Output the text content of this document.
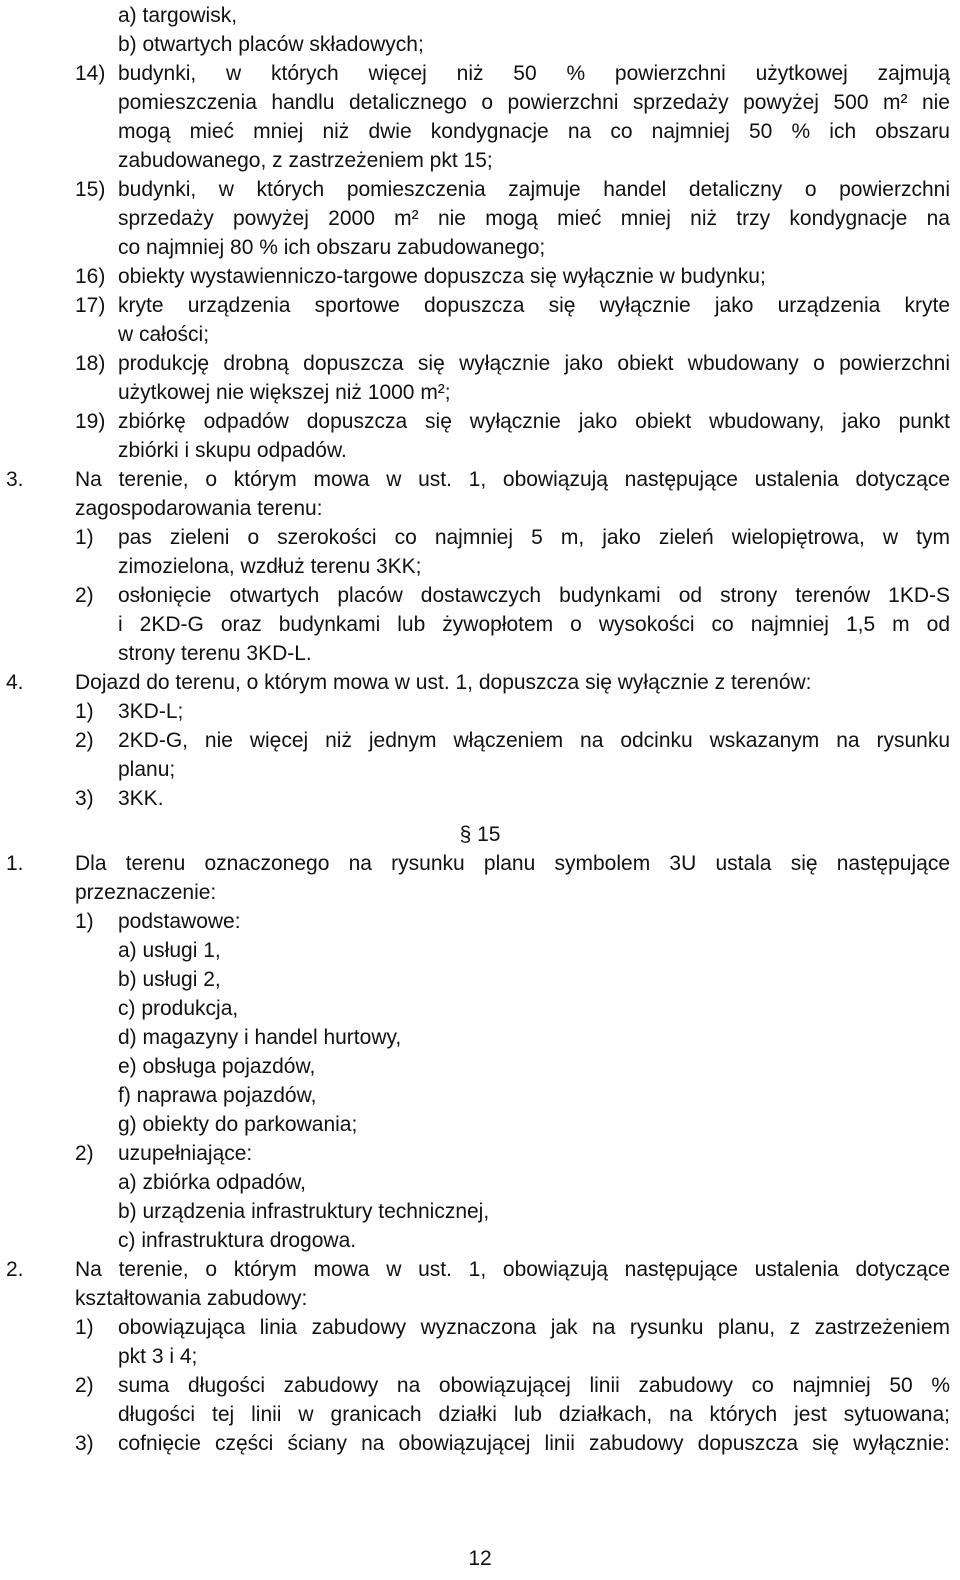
a) targowisk,
b) otwartych placów składowych;
14) budynki, w których więcej niż 50 % powierzchni użytkowej zajmują
pomieszczenia handlu detalicznego o powierzchni sprzedaży powyżej 500 m² nie
mogą mieć mniej niż dwie kondygnacje na co najmniej 50 % ich obszaru
zabudowanego, z zastrzeżeniem pkt 15;
15) budynki, w których pomieszczenia zajmuje handel detaliczny o powierzchni
sprzedaży powyżej 2000 m² nie mogą mieć mniej niż trzy kondygnacje na
co najmniej 80 % ich obszaru zabudowanego;
16) obiekty wystawienniczo-targowe dopuszcza się wyłącznie w budynku;
17) kryte urządzenia sportowe dopuszcza się wyłącznie jako urządzenia kryte
w całości;
18) produkcję drobną dopuszcza się wyłącznie jako obiekt wbudowany o powierzchni
użytkowej nie większej niż 1000 m²;
19) zbiórkę odpadów dopuszcza się wyłącznie jako obiekt wbudowany, jako punkt
zbiórki i skupu odpadów.
3. Na terenie, o którym mowa w ust. 1, obowiązują następujące ustalenia dotyczące
zagospodarowania terenu:
1) pas zieleni o szerokości co najmniej 5 m, jako zieleń wielopiętrowa, w tym
zimozielona, wzdłuż terenu 3KK;
2) osłonięcie otwartych placów dostawczych budynkami od strony terenów 1KD-S
i 2KD-G oraz budynkami lub żywopłotem o wysokości co najmniej 1,5 m od
strony terenu 3KD-L.
4. Dojazd do terenu, o którym mowa w ust. 1, dopuszcza się wyłącznie z terenów:
1) 3KD-L;
2) 2KD-G, nie więcej niż jednym włączeniem na odcinku wskazanym na rysunku
planu;
3) 3KK.
§ 15
1. Dla terenu oznaczonego na rysunku planu symbolem 3U ustala się następujące
przeznaczenie:
1) podstawowe:
a) usługi 1,
b) usługi 2,
c) produkcja,
d) magazyny i handel hurtowy,
e) obsługa pojazdów,
f) naprawa pojazdów,
g) obiekty do parkowania;
2) uzupełniające:
a) zbiórka odpadów,
b) urządzenia infrastruktury technicznej,
c) infrastruktura drogowa.
2. Na terenie, o którym mowa w ust. 1, obowiązują następujące ustalenia dotyczące
kształtowania zabudowy:
1) obowiązująca linia zabudowy wyznaczona jak na rysunku planu, z zastrzeżeniem
pkt 3 i 4;
2) suma długości zabudowy na obowiązującej linii zabudowy co najmniej 50 %
długości tej linii w granicach działki lub działkach, na których jest sytuowana;
3) cofnięcie części ściany na obowiązującej linii zabudowy dopuszcza się wyłącznie:
12
